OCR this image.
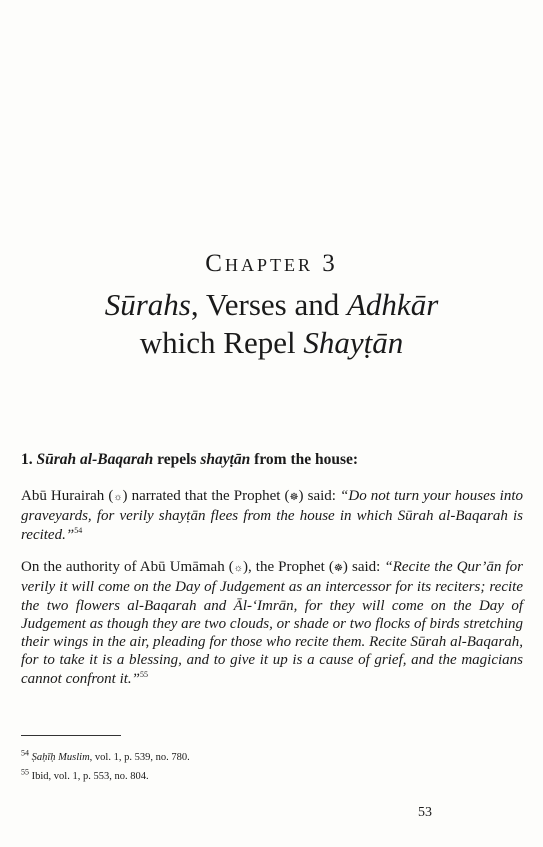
Chapter 3
Sūrahs, Verses and Adhkār
which Repel Shayṭān
1. Sūrah al-Baqarah repels shayṭān from the house:
Abū Hurairah (☼) narrated that the Prophet (☸) said: “Do not turn your houses into graveyards, for verily shayṭān flees from the house in which Sūrah al-Baqarah is recited.”$^{54}$
On the authority of Abū Umāmah (☼), the Prophet (☸) said: “Recite the Qur’ān for verily it will come on the Day of Judgement as an intercessor for its reciters; recite the two flowers al-Baqarah and Āl-‘Imrān, for they will come on the Day of Judgement as though they are two clouds, or shade or two flocks of birds stretching their wings in the air, pleading for those who recite them. Recite Sūrah al-Baqarah, for to take it is a blessing, and to give it up is a cause of grief, and the magicians cannot confront it.”$^{55}$
$^{54}$ Ṣaḥīḥ Muslim, vol. 1, p. 539, no. 780.
$^{55}$ Ibid, vol. 1, p. 553, no. 804.
53
